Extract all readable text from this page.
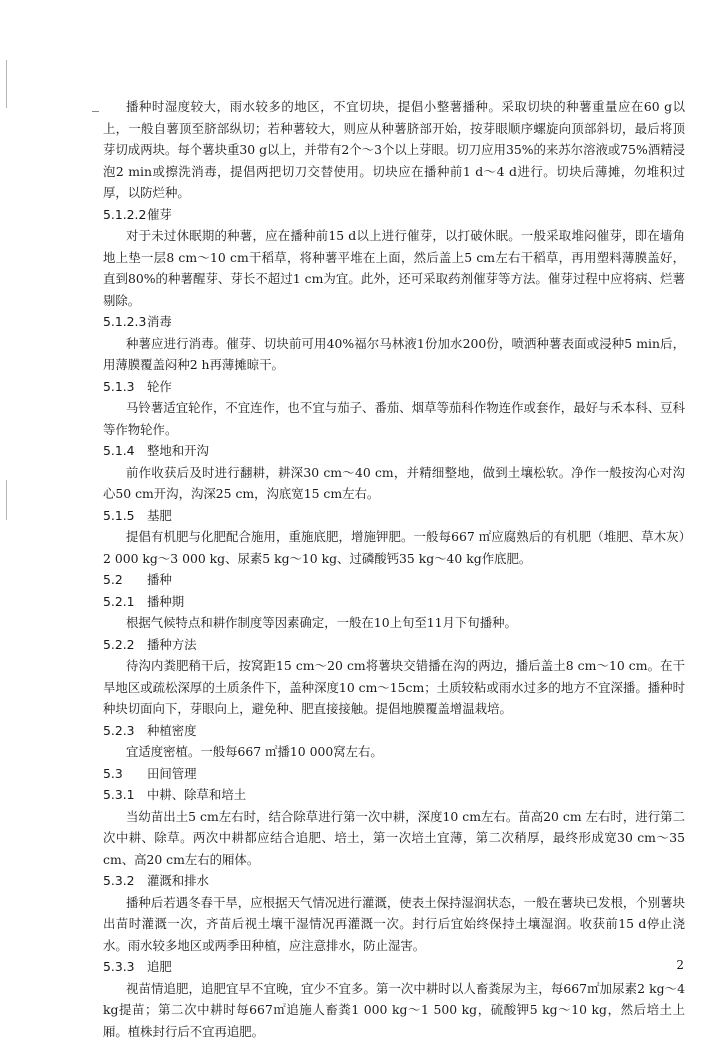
播种时湿度较大，雨水较多的地区，不宜切块，提倡小整薯播种。采取切块的种薯重量应在60 g以上，一般自薯顶至脐部纵切；若种薯较大，则应从种薯脐部开始，按芽眼顺序螺旋向顶部斜切，最后将顶芽切成两块。每个薯块重30 g以上，并带有2个～3个以上芽眼。切刀应用35%的来苏尔溶液或75%酒精浸泡2 min或擦洗消毒，提倡两把切刀交替使用。切块应在播种前1 d～4 d进行。切块后薄摊，勿堆积过厚，以防烂种。

5.1.2.2催芽

对于未过休眠期的种薯，应在播种前15 d以上进行催芽，以打破休眠。一般采取堆闷催芽，即在墙角地上垫一层8 cm～10 cm干稻草，将种薯平堆在上面，然后盖上5 cm左右干稻草，再用塑料薄膜盖好，直到80%的种薯醒芽、芽长不超过1 cm为宜。此外，还可采取药剂催芽等方法。催芽过程中应将病、烂薯剔除。

5.1.2.3消毒

种薯应进行消毒。催芽、切块前可用40%福尔马林液1份加水200份，喷洒种薯表面或浸种5 min后，用薄膜覆盖闷种2 h再薄摊晾干。

5.1.3 轮作

马铃薯适宜轮作，不宜连作，也不宜与茄子、番茄、烟草等茄科作物连作或套作，最好与禾本科、豆科等作物轮作。

5.1.4 整地和开沟

前作收获后及时进行翻耕，耕深30 cm～40 cm，并精细整地，做到土壤松软。净作一般按沟心对沟心50 cm开沟，沟深25 cm，沟底宽15 cm左右。

5.1.5 基肥

提倡有机肥与化肥配合施用，重施底肥，增施钾肥。一般每667 ㎡应腐熟后的有机肥（堆肥、草木灰）2 000 kg～3 000 kg、尿素5 kg～10 kg、过磷酸钙35 kg～40 kg作底肥。

5.2 播种

5.2.1 播种期

根据气候特点和耕作制度等因素确定，一般在10上旬至11月下旬播种。

5.2.2 播种方法

待沟内粪肥稍干后，按窝距15 cm～20 cm将薯块交错播在沟的两边，播后盖土8 cm～10 cm。在干旱地区或疏松深厚的土质条件下，盖种深度10 cm～15cm；土质较粘或雨水过多的地方不宜深播。播种时种块切面向下，芽眼向上，避免种、肥直接接触。提倡地膜覆盖增温栽培。

5.2.3 种植密度

宜适度密植。一般每667 ㎡播10 000窝左右。

5.3 田间管理

5.3.1 中耕、除草和培土

当幼苗出土5 cm左右时，结合除草进行第一次中耕，深度10 cm左右。苗高20 cm 左右时，进行第二次中耕、除草。两次中耕都应结合追肥、培土，第一次培土宜薄，第二次稍厚，最终形成宽30 cm～35 cm、高20 cm左右的厢体。

5.3.2 灌溉和排水

播种后若遇冬春干旱，应根据天气情况进行灌溉，使表土保持湿润状态，一般在薯块已发根，个别薯块出苗时灌溉一次，齐苗后视土壤干湿情况再灌溉一次。封行后宜始终保持土壤湿润。收获前15 d停止浇水。雨水较多地区或两季田种植，应注意排水，防止湿害。

5.3.3 追肥

视苗情追肥，追肥宜早不宜晚，宜少不宜多。第一次中耕时以人畜粪尿为主，每667㎡加尿素2 kg～4 kg提苗；第二次中耕时每667㎡追施人畜粪1 000 kg～1 500 kg，硫酸钾5 kg～10 kg，然后培土上厢。植株封行后不宜再追肥。

2
